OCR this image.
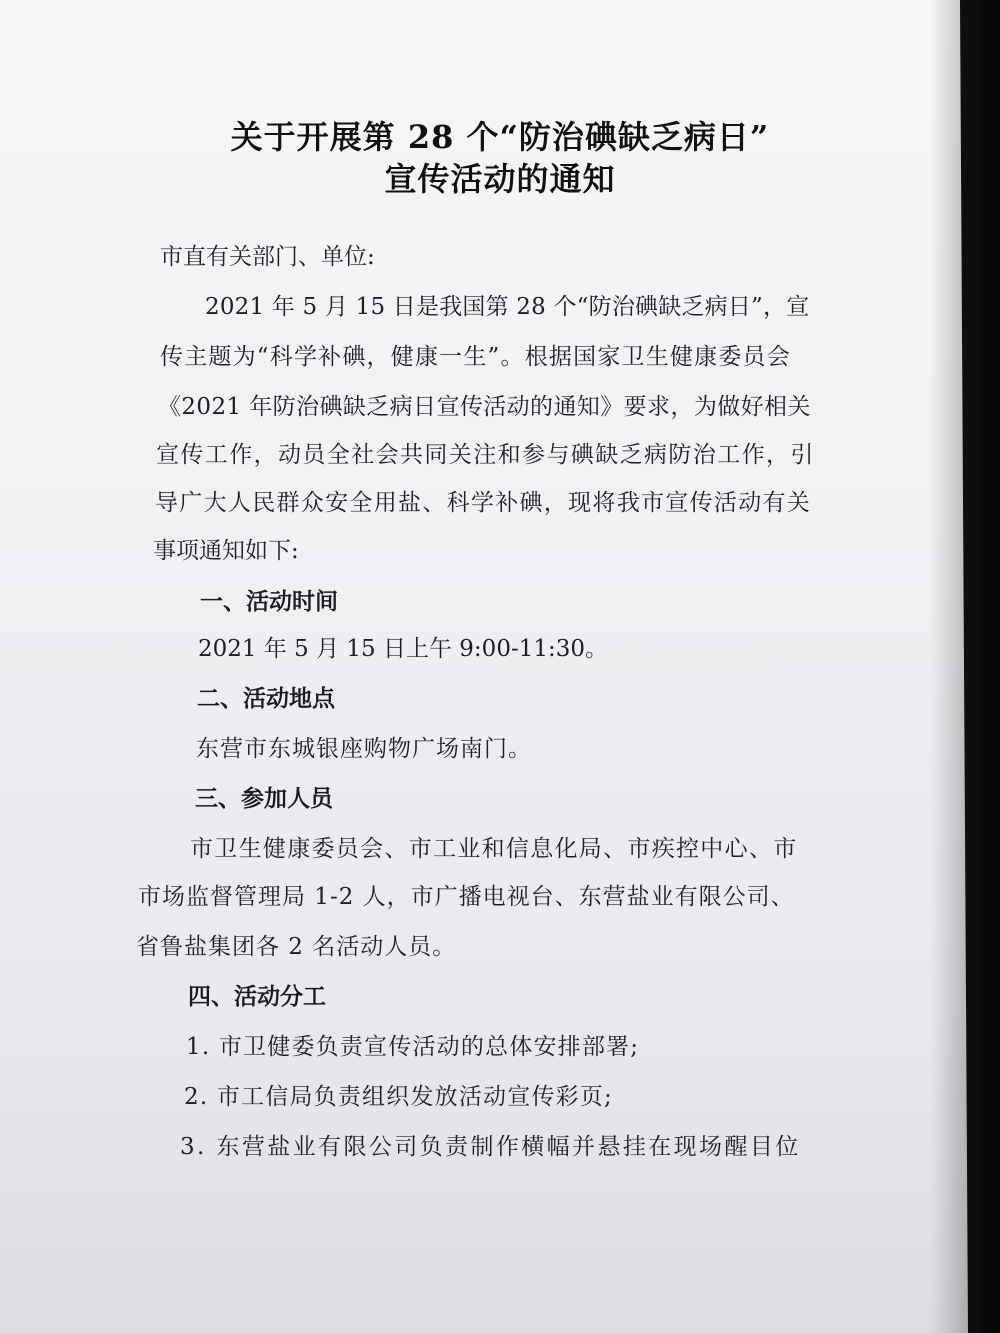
关于开展第 28 个“防治碘缺乏病日”
宣传活动的通知
市直有关部门、单位:
2021 年 5 月 15 日是我国第 28 个“防治碘缺乏病日”，宣
传主题为“科学补碘，健康一生”。根据国家卫生健康委员会
《2021 年防治碘缺乏病日宣传活动的通知》要求，为做好相关
宣传工作，动员全社会共同关注和参与碘缺乏病防治工作，引
导广大人民群众安全用盐、科学补碘，现将我市宣传活动有关
事项通知如下:
一、活动时间
2021 年 5 月 15 日上午 9:00-11:30。
二、活动地点
东营市东城银座购物广场南门。
三、参加人员
市卫生健康委员会、市工业和信息化局、市疾控中心、市
市场监督管理局 1-2 人，市广播电视台、东营盐业有限公司、
省鲁盐集团各 2 名活动人员。
四、活动分工
1. 市卫健委负责宣传活动的总体安排部署;
2. 市工信局负责组织发放活动宣传彩页;
3. 东营盐业有限公司负责制作横幅并悬挂在现场醒目位
